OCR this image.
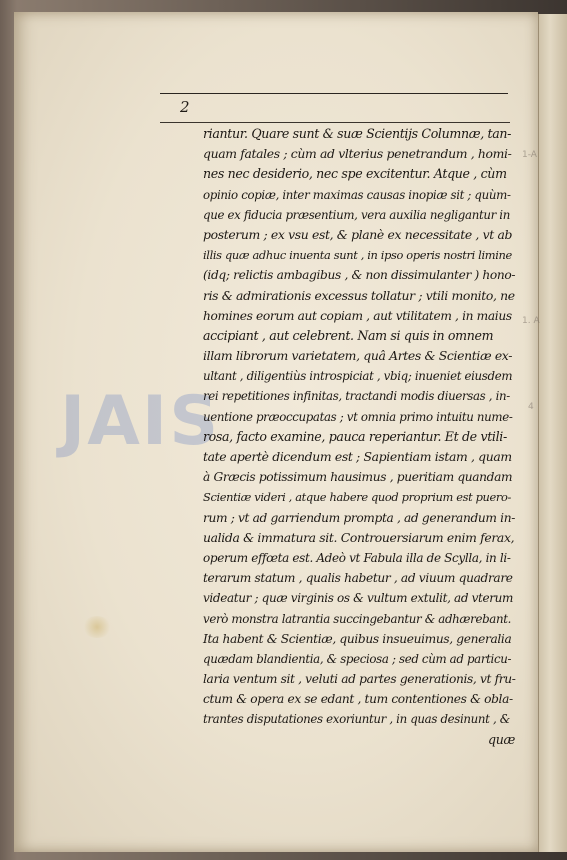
2
JAIS
1-A
1. A
4
riantur. Quare sunt & suæ Scientijs Columnæ, tan-
quam fatales ; cùm ad vlterius penetrandum , homi-
nes nec desiderio, nec spe excitentur. Atque , cùm
opinio copiæ, inter maximas causas inopiæ sit ; quùm-
que ex fiducia præsentium, vera auxilia negligantur in
posterum ; ex vsu est, & planè ex necessitate , vt ab
illis quæ adhuc inuenta sunt , in ipso operis nostri limine
(idq; relictis ambagibus , & non dissimulanter ) hono-
ris & admirationis excessus tollatur ; vtili monito, ne
homines eorum aut copiam , aut vtilitatem , in maius
accipiant , aut celebrent. Nam si quis in omnem
illam librorum varietatem, quâ Artes & Scientiæ ex-
ultant , diligentiùs introspiciat , vbiq; inueniet eiusdem
rei repetitiones infinitas, tractandi modis diuersas , in-
uentione præoccupatas ; vt omnia primo intuitu nume-
rosa, facto examine, pauca reperiantur. Et de vtili-
tate apertè dicendum est ; Sapientiam istam , quam
à Græcis potissimum hausimus , pueritiam quandam
Scientiæ videri , atque habere quod proprium est puero-
rum ; vt ad garriendum prompta , ad generandum in-
ualida & immatura sit. Controuersiarum enim ferax,
operum effœta est. Adeò vt Fabula illa de Scylla, in li-
terarum statum , qualis habetur , ad viuum quadrare
videatur ; quæ virginis os & vultum extulit, ad vterum
verò monstra latrantia succingebantur & adhærebant.
Ita habent & Scientiæ, quibus insueuimus, generalia
quædam blandientia, & speciosa ; sed cùm ad particu-
laria ventum sit , veluti ad partes generationis, vt fru-
ctum & opera ex se edant , tum contentiones & obla-
trantes disputationes exoriuntur , in quas desinunt , &
quæ
